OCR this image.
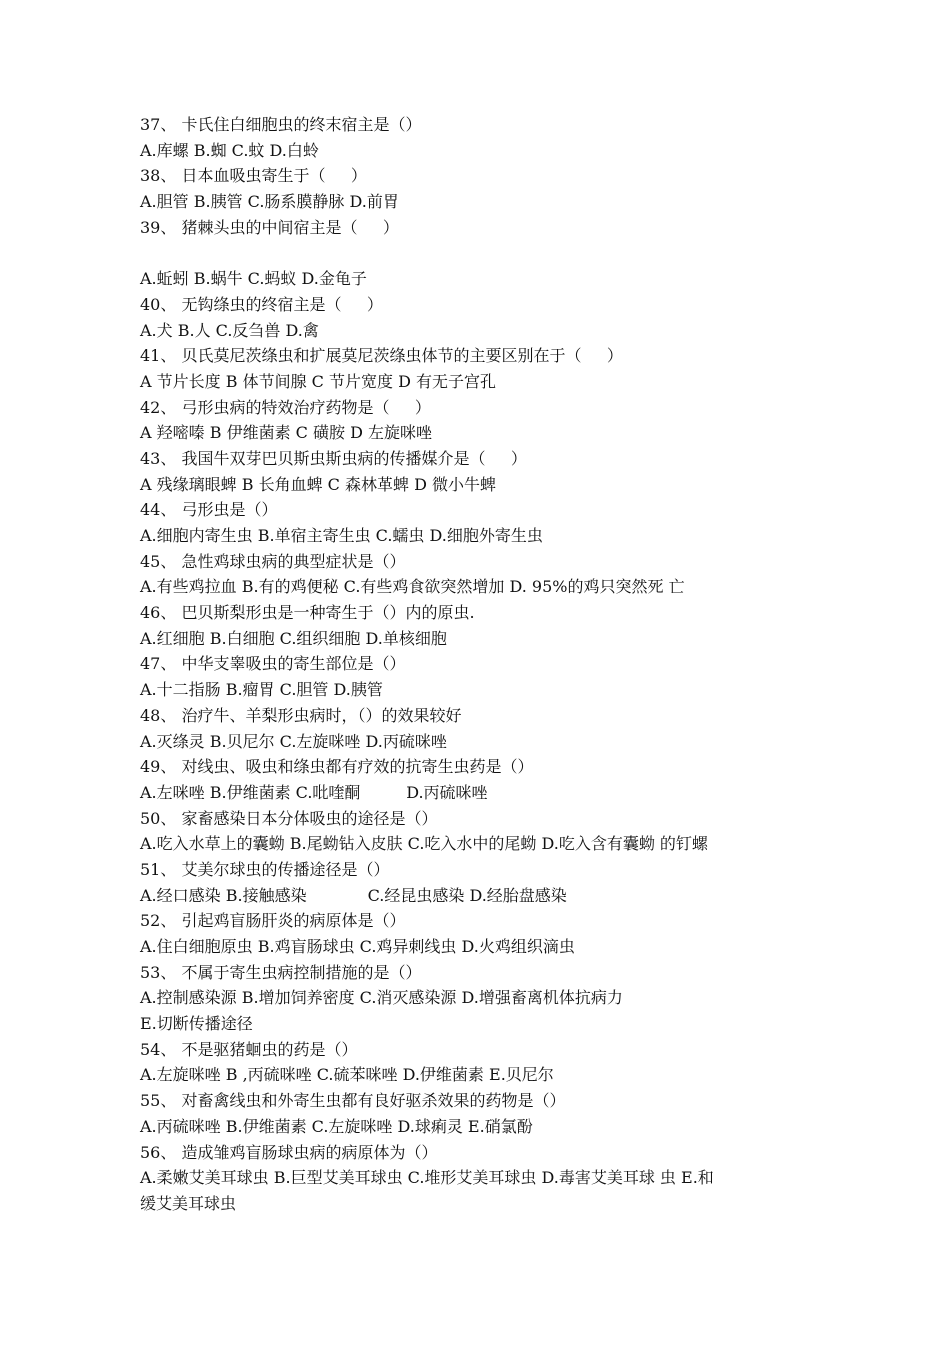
37、 卡氏住白细胞虫的终末宿主是（）
A.库螺 B.蜘 C.蚊 D.白蛉
38、 日本血吸虫寄生于（     ）
A.胆管 B.胰管 C.肠系膜静脉 D.前胃
39、 猪棘头虫的中间宿主是（     ）
A.蚯蚓 B.蜗牛 C.蚂蚁 D.金龟子
40、 无钩绦虫的终宿主是（     ）
A.犬 B.人 C.反刍兽 D.禽
41、 贝氏莫尼茨绦虫和扩展莫尼茨绦虫体节的主要区别在于（     ）
A 节片长度 B 体节间腺 C 节片宽度 D 有无子宫孔
42、 弓形虫病的特效治疗药物是（     ）
A 羟嘧嗪 B 伊维菌素 C 磺胺 D 左旋咪唑
43、 我国牛双芽巴贝斯虫斯虫病的传播媒介是（     ）
A 残缘璃眼蜱 B 长角血蜱 C 森林革蜱 D 微小牛蜱
44、 弓形虫是（）
A.细胞内寄生虫 B.单宿主寄生虫 C.蠕虫 D.细胞外寄生虫
45、 急性鸡球虫病的典型症状是（）
A.有些鸡拉血 B.有的鸡便秘 C.有些鸡食欲突然增加 D. 95%的鸡只突然死 亡
46、 巴贝斯梨形虫是一种寄生于（）内的原虫.
A.红细胞 B.白细胞 C.组织细胞 D.单核细胞
47、 中华支睾吸虫的寄生部位是（）
A.十二指肠 B.瘤胃 C.胆管 D.胰管
48、 治疗牛、羊梨形虫病时，（）的效果较好
A.灭绦灵 B.贝尼尔 C.左旋咪唑 D.丙硫咪唑
49、 对线虫、吸虫和绦虫都有疗效的抗寄生虫药是（）
A.左咪唑 B.伊维菌素 C.吡喹酮         D.丙硫咪唑
50、 家畜感染日本分体吸虫的途径是（）
A.吃入水草上的囊蚴 B.尾蚴钻入皮肤 C.吃入水中的尾蚴 D.吃入含有囊蚴 的钉螺
51、 艾美尔球虫的传播途径是（）
A.经口感染 B.接触感染            C.经昆虫感染 D.经胎盘感染
52、 引起鸡盲肠肝炎的病原体是（）
A.住白细胞原虫 B.鸡盲肠球虫 C.鸡异刺线虫 D.火鸡组织滴虫
53、 不属于寄生虫病控制措施的是（）
A.控制感染源 B.增加饲养密度 C.消灭感染源 D.增强畜离机体抗病力
E.切断传播途径
54、 不是驱猪蛔虫的药是（）
A.左旋咪唑 B ,丙硫咪唑 C.硫苯咪唑 D.伊维菌素 E.贝尼尔
55、 对畜禽线虫和外寄生虫都有良好驱杀效果的药物是（）
A.丙硫咪唑 B.伊维菌素 C.左旋咪唑 D.球痢灵 E.硝氯酚
56、 造成雏鸡盲肠球虫病的病原体为（）
A.柔嫩艾美耳球虫 B.巨型艾美耳球虫 C.堆形艾美耳球虫 D.毒害艾美耳球 虫 E.和
缓艾美耳球虫
